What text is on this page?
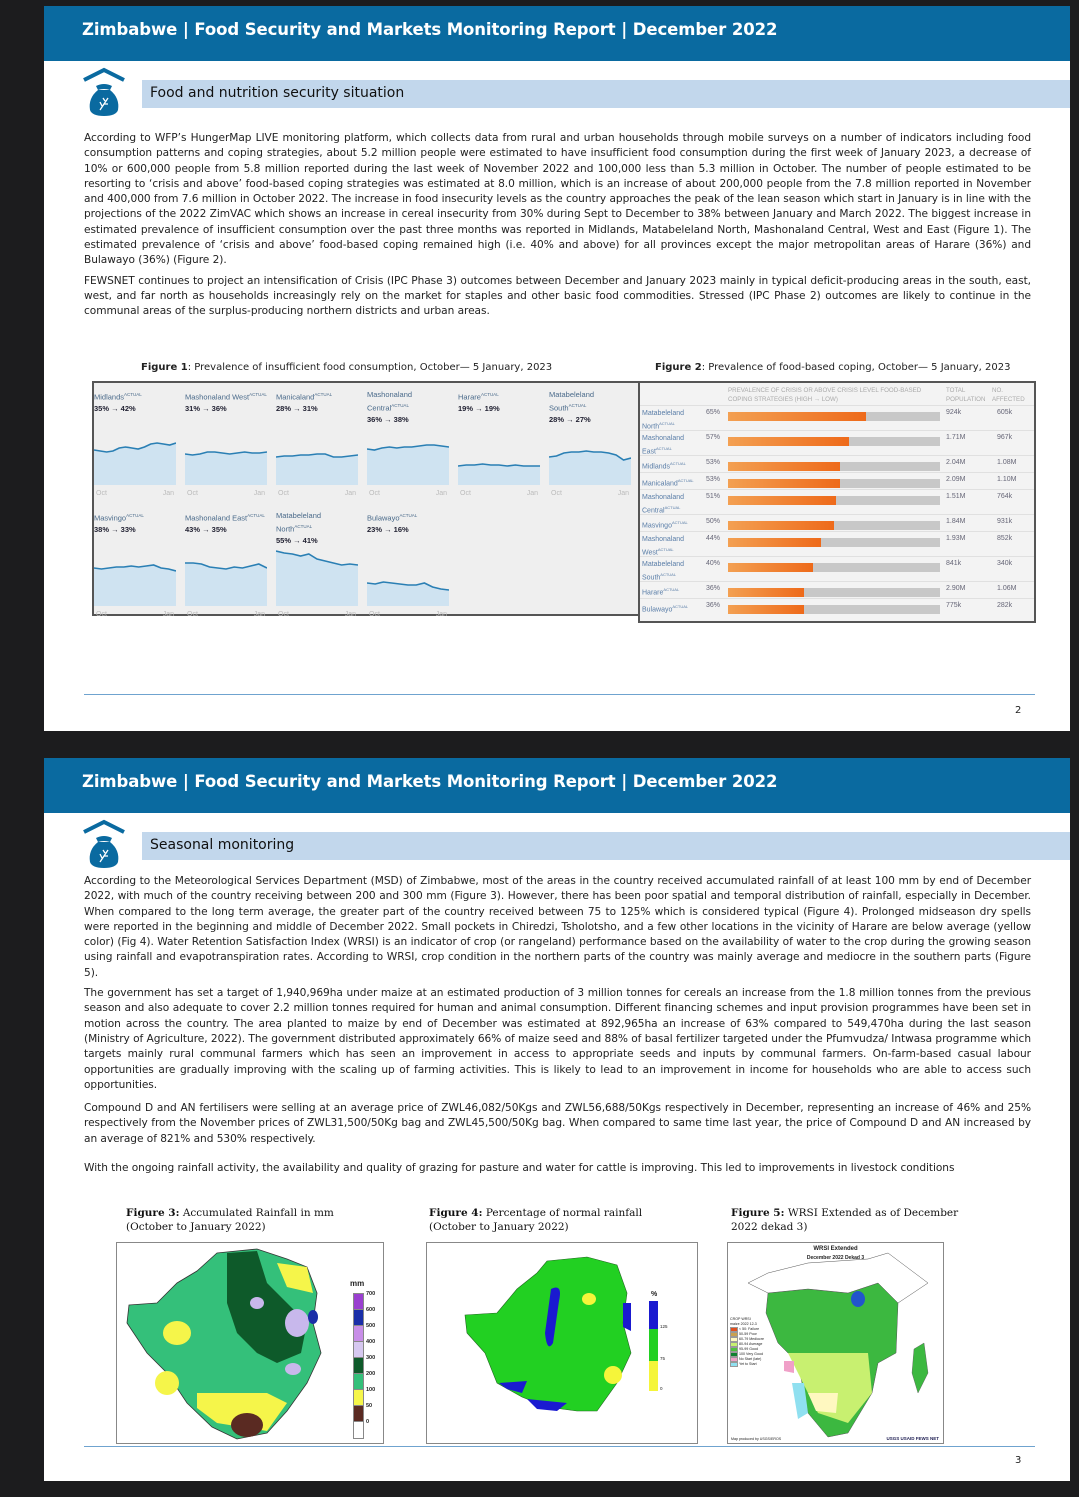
Zimbabwe | Food Security and Markets Monitoring Report | December 2022
Food and nutrition security situation

According to WFP’s HungerMap LIVE monitoring platform, which collects data from rural and urban households through mobile surveys on a number of indicators including food consumption patterns and coping strategies, about 5.2 million people were estimated to have insufficient food consumption during the first week of January 2023, a decrease of 10% or 600,000 people from 5.8 million reported during the last week of November 2022 and 100,000 less than 5.3 million in October. The number of people estimated to be resorting to ‘crisis and above’ food-based coping strategies was estimated at 8.0 million, which is an increase of about 200,000 people from the 7.8 million reported in November and 400,000 from 7.6 million in October 2022. The increase in food insecurity levels as the country approaches the peak of the lean season which start in January is in line with the projections of the 2022 ZimVAC which shows an increase in cereal insecurity from 30% during Sept to December to 38% between January and March 2022. The biggest increase in estimated prevalence of insufficient consumption over the past three months was reported in Midlands, Matabeleland North, Mashonaland Central, West and East (Figure 1). The estimated prevalence of ‘crisis and above’ food-based coping remained high (i.e. 40% and above) for all provinces except the major metropolitan areas of Harare (36%) and Bulawayo (36%) (Figure 2).

FEWSNET continues to project an intensification of Crisis (IPC Phase 3) outcomes between December and January 2023 mainly in typical deficit-producing areas in the south, east, west, and far north as households increasingly rely on the market for staples and other basic food commodities. Stressed (IPC Phase 2) outcomes are likely to continue in the communal areas of the surplus-producing northern districts and urban areas.

Figure 1: Prevalence of insufficient food consumption, October— 5 January, 2023
Midlands$^{ACTUAL}$
35% → 42%
Oct	Jan
Mashonaland West$^{ACTUAL}$
31% → 36%
Oct	Jan
Manicaland$^{ACTUAL}$
28% → 31%
Oct	Jan
Mashonaland Central$^{ACTUAL}$
36% → 38%
Oct	Jan
Harare$^{ACTUAL}$
19% → 19%
Oct	Jan
Matabeleland South$^{ACTUAL}$
28% → 27%
Oct	Jan
Masvingo$^{ACTUAL}$
38% → 33%
Oct	Jan
Mashonaland East$^{ACTUAL}$
43% → 35%
Oct	Jan
Matabeleland North$^{ACTUAL}$
55% → 41%
Oct	Jan
Bulawayo$^{ACTUAL}$
23% → 16%
Oct	Jan
Figure 2: Prevalence of food-based coping, October— 5 January, 2023
PREVALENCE OF CRISIS OR ABOVE CRISIS LEVEL FOOD-BASED COPING STRATEGIES (HIGH → LOW)
TOTAL POPULATION
NO. AFFECTED
Matabeleland North$^{ACTUAL}$
65%	924k	605k
Mashonaland East$^{ACTUAL}$
57%	1.71M	967k
Midlands$^{ACTUAL}$	53%	2.04M	1.08M
Manicaland$^{ACTUAL}$	53%	2.09M	1.10M
Mashonaland Central$^{ACTUAL}$
51%	1.51M	764k
Masvingo$^{ACTUAL}$	50%	1.84M	931k
Mashonaland West$^{ACTUAL}$
44%	1.93M	852k
Matabeleland South$^{ACTUAL}$
40%	841k	340k
Harare$^{ACTUAL}$	36%	2.90M	1.06M
Bulawayo$^{ACTUAL}$	36%	775k	282k
2
Zimbabwe | Food Security and Markets Monitoring Report | December 2022
Seasonal monitoring

According to the Meteorological Services Department (MSD) of Zimbabwe, most of the areas in the country received accumulated rainfall of at least 100 mm by end of December 2022, with much of the country receiving between 200 and 300 mm (Figure 3). However, there has been poor spatial and temporal distribution of rainfall, especially in December. When compared to the long term average, the greater part of the country received between 75 to 125% which is considered typical (Figure 4). Prolonged midseason dry spells were reported in the beginning and middle of December 2022. Small pockets in Chiredzi, Tsholotsho, and a few other locations in the vicinity of Harare are below average (yellow color) (Fig 4). Water Retention Satisfaction Index (WRSI) is an indicator of crop (or rangeland) performance based on the availability of water to the crop during the growing season using rainfall and evapotranspiration rates. According to WRSI, crop condition in the northern parts of the country was mainly average and mediocre in the southern parts (Figure 5).

The government has set a target of 1,940,969ha under maize at an estimated production of 3 million tonnes for cereals an increase from the 1.8 million tonnes from the previous season and also adequate to cover 2.2 million tonnes required for human and animal consumption. Different financing schemes and input provision programmes have been set in motion across the country. The area planted to maize by end of December was estimated at 892,965ha an increase of 63% compared to 549,470ha during the last season (Ministry of Agriculture, 2022). The government distributed approximately 66% of maize seed and 88% of basal fertilizer targeted under the Pfumvudza/ Intwasa programme which targets mainly rural communal farmers which has seen an improvement in access to appropriate seeds and inputs by communal farmers. On-farm-based casual labour opportunities are gradually improving with the scaling up of farming activities. This is likely to lead to an improvement in income for households who are able to access such opportunities.

Compound D and AN fertilisers were selling at an average price of ZWL46,082/50Kgs and ZWL56,688/50Kgs respectively in December, representing an increase of 46% and 25% respectively from the November prices of ZWL31,500/50Kg bag and ZWL45,500/50Kg bag. When compared to same time last year, the price of Compound D and AN increased by an average of 821% and 530% respectively.

With the ongoing rainfall activity, the availability and quality of grazing for pasture and water for cattle is improving. This led to improvements in livestock conditions

Figure 3: Accumulated Rainfall in mm
(October to January 2022)
mm
700
600
500
400
300
200
100
50
0
Figure 4: Percentage of normal rainfall
(October to January 2022)
%
125
75
0
Figure 5: WRSI Extended as of December
2022 dekad 3)
WRSI Extended
December 2022 Dekad 3
CROP WRSI
maize 2022 12-3
< 50: Failure
50-59 Poor
60-79 Mediocre
80-94 Average
95-99 Good
100 Very Good
No Start (late)
Yet to Start
Map produced by USGS/EROS	USGS USAID FEWS NET
3
